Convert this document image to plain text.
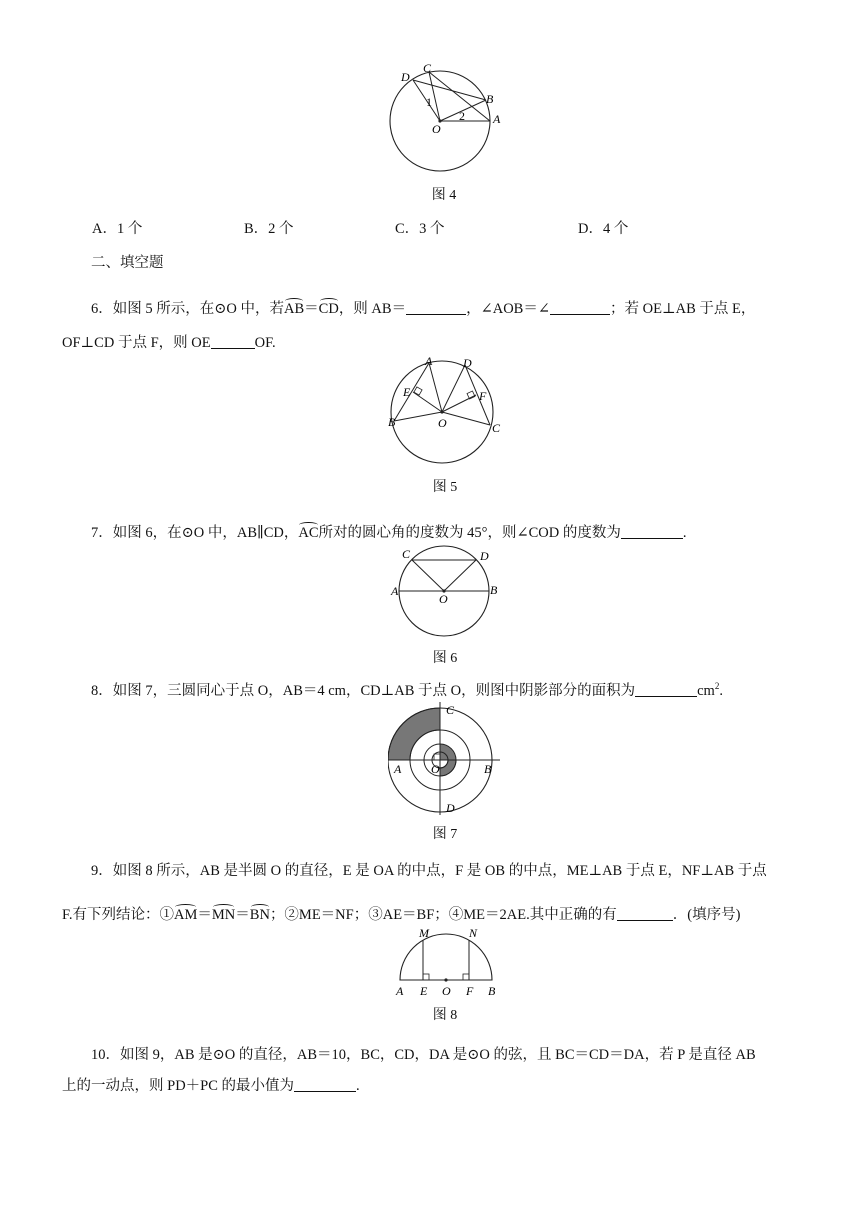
D
C
B
A
O
1
2
图 4
A．1 个	B．2 个	C．3 个	D．4 个
二、填空题
6．如图 5 所示，在⊙O 中，若AB＝CD，则 AB＝	，∠AOB＝∠	；若 OE⊥AB 于点 E，
OF⊥CD 于点 F，则 OE	OF.
A	D
E	F
B	O	C
图 5
7．如图 6，在⊙O 中，AB∥CD，AC所对的圆心角的度数为 45°，则∠COD 的度数为	.
C	D
A
O
B
图 6
8．如图 7，三圆同心于点 O，AB＝4 cm，CD⊥AB 于点 O，则图中阴影部分的面积为	$cm^2$.
C
A O	B
D
图 7
9．如图 8 所示，AB 是半圆 O 的直径，E 是 OA 的中点，F 是 OB 的中点，ME⊥AB 于点 E，NF⊥AB 于点
F.有下列结论：①AM＝MN＝BN；②ME＝NF；③AE＝BF；④ME＝2AE.其中正确的有	．(填序号)
M	N
A E O F B
图 8
10．如图 9，AB 是⊙O 的直径，AB＝10，BC，CD，DA 是⊙O 的弦，且 BC＝CD＝DA，若 P 是直径 AB
上的一动点，则 PD＋PC 的最小值为	.
